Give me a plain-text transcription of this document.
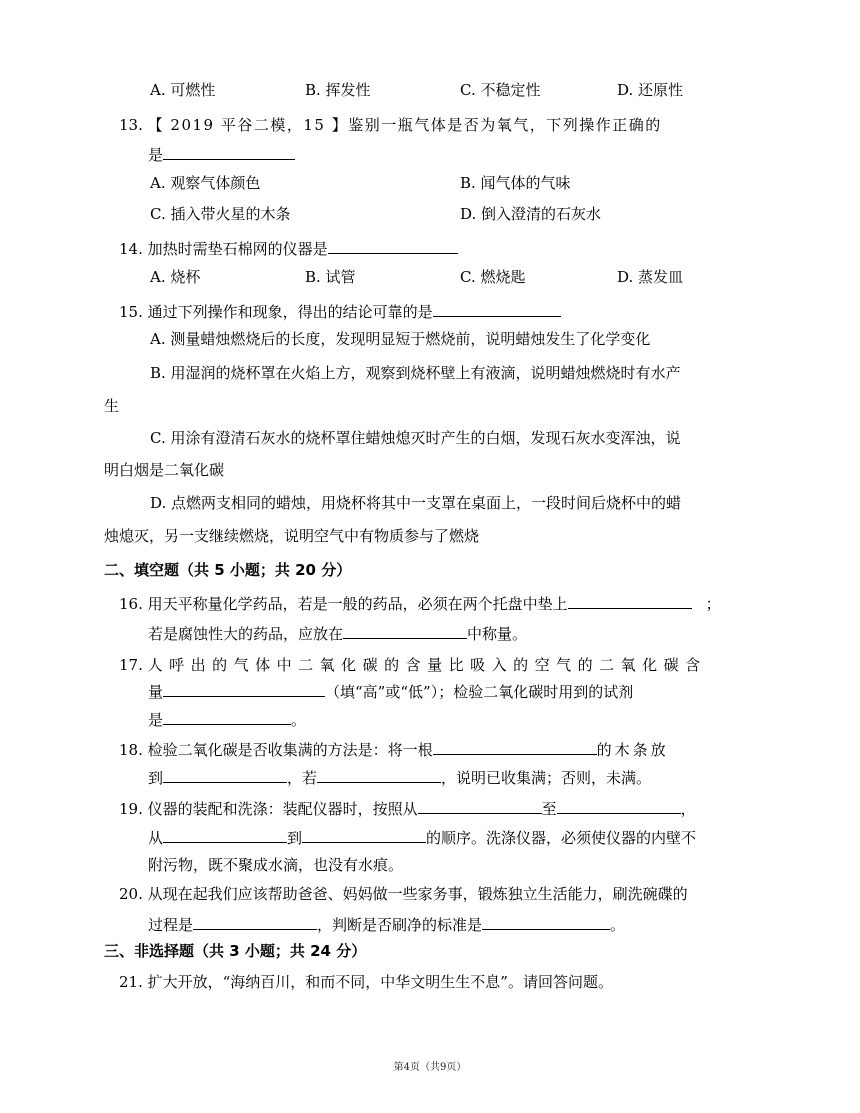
A. 可燃性	B. 挥发性	C. 不稳定性	D. 还原性
13. 【 2019 平谷二模，15 】鉴别一瓶气体是否为氧气，下列操作正确的
是
A. 观察气体颜色	B. 闻气体的气味
C. 插入带火星的木条	D. 倒入澄清的石灰水
14. 加热时需垫石棉网的仪器是
A. 烧杯	B. 试管	C. 燃烧匙	D. 蒸发皿
15. 通过下列操作和现象，得出的结论可靠的是
A. 测量蜡烛燃烧后的长度，发现明显短于燃烧前，说明蜡烛发生了化学变化
B. 用湿润的烧杯罩在火焰上方，观察到烧杯壁上有液滴，说明蜡烛燃烧时有水产
生
C. 用涂有澄清石灰水的烧杯罩住蜡烛熄灭时产生的白烟，发现石灰水变浑浊，说
明白烟是二氧化碳
D. 点燃两支相同的蜡烛，用烧杯将其中一支罩在桌面上，一段时间后烧杯中的蜡
烛熄灭，另一支继续燃烧，说明空气中有物质参与了燃烧
二、填空题（共 5 小题；共 20 分）
16. 用天平称量化学药品，若是一般的药品，必须在两个托盘中垫上	；
若是腐蚀性大的药品，应放在	中称量。
17. 人呼出的气体中二氧化碳的含量比吸入的空气的二氧化碳含
量	（填“高”或“低”）；检验二氧化碳时用到的试剂
是	。
18. 检验二氧化碳是否收集满的方法是：将一根	的木条放
到	，若	，说明已收集满；否则，未满。
19. 仪器的装配和洗涤：装配仪器时，按照从	至	，
从	到	的顺序。洗涤仪器，必须使仪器的内壁不
附污物，既不聚成水滴，也没有水痕。
20. 从现在起我们应该帮助爸爸、妈妈做一些家务事，锻炼独立生活能力，刷洗碗碟的
过程是	，判断是否刷净的标准是	。
三、非选择题（共 3 小题；共 24 分）
21. 扩大开放，“海纳百川，和而不同，中华文明生生不息”。请回答问题。
第4页（共9页）
